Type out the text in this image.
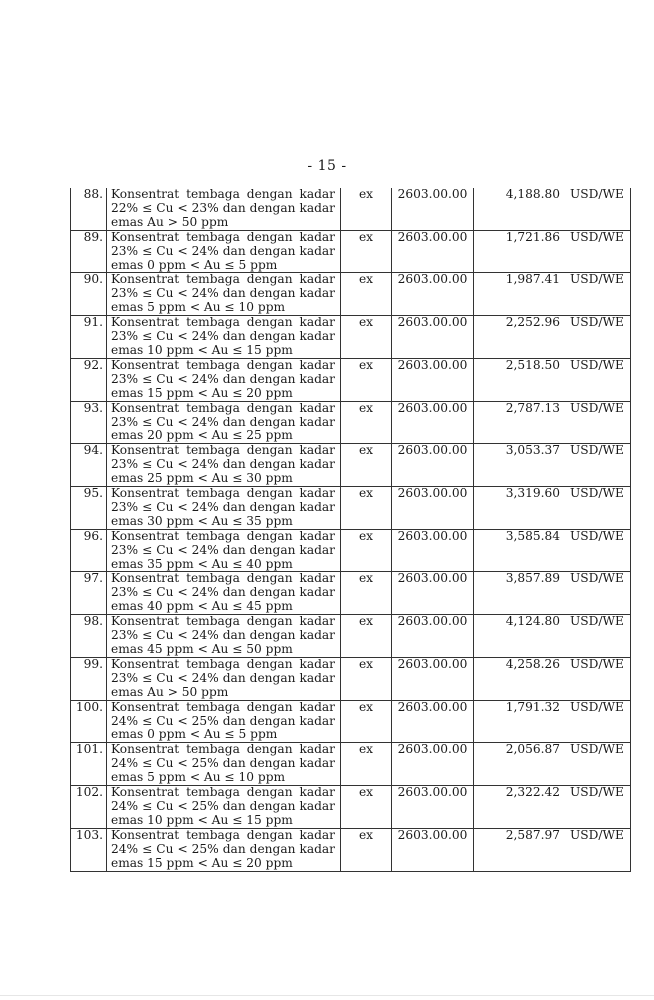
- 15 -
88.	Konsentrat tembaga dengan kadar
22% ≤ Cu < 23% dan dengan kadar
emas Au > 50 ppm	ex	2603.00.00	4,188.80 USD/WE

89.	Konsentrat tembaga dengan kadar
23% ≤ Cu < 24% dan dengan kadar
emas 0 ppm < Au ≤ 5 ppm	ex	2603.00.00	1,721.86 USD/WE

90.	Konsentrat tembaga dengan kadar
23% ≤ Cu < 24% dan dengan kadar
emas 5 ppm < Au ≤ 10 ppm	ex	2603.00.00	1,987.41 USD/WE

91.	Konsentrat tembaga dengan kadar
23% ≤ Cu < 24% dan dengan kadar
emas 10 ppm < Au ≤ 15 ppm	ex	2603.00.00	2,252.96 USD/WE

92.	Konsentrat tembaga dengan kadar
23% ≤ Cu < 24% dan dengan kadar
emas 15 ppm < Au ≤ 20 ppm	ex	2603.00.00	2,518.50 USD/WE

93.	Konsentrat tembaga dengan kadar
23% ≤ Cu < 24% dan dengan kadar
emas 20 ppm < Au ≤ 25 ppm	ex	2603.00.00	2,787.13 USD/WE

94.	Konsentrat tembaga dengan kadar
23% ≤ Cu < 24% dan dengan kadar
emas 25 ppm < Au ≤ 30 ppm	ex	2603.00.00	3,053.37 USD/WE

95.	Konsentrat tembaga dengan kadar
23% ≤ Cu < 24% dan dengan kadar
emas 30 ppm < Au ≤ 35 ppm	ex	2603.00.00	3,319.60 USD/WE

96.	Konsentrat tembaga dengan kadar
23% ≤ Cu < 24% dan dengan kadar
emas 35 ppm < Au ≤ 40 ppm	ex	2603.00.00	3,585.84 USD/WE

97.	Konsentrat tembaga dengan kadar
23% ≤ Cu < 24% dan dengan kadar
emas 40 ppm < Au ≤ 45 ppm	ex	2603.00.00	3,857.89 USD/WE

98.	Konsentrat tembaga dengan kadar
23% ≤ Cu < 24% dan dengan kadar
emas 45 ppm < Au ≤ 50 ppm	ex	2603.00.00	4,124.80 USD/WE

99.	Konsentrat tembaga dengan kadar
23% ≤ Cu < 24% dan dengan kadar
emas Au > 50 ppm	ex	2603.00.00	4,258.26 USD/WE

100.	Konsentrat tembaga dengan kadar
24% ≤ Cu < 25% dan dengan kadar
emas 0 ppm < Au ≤ 5 ppm	ex	2603.00.00	1,791.32 USD/WE

101.	Konsentrat tembaga dengan kadar
24% ≤ Cu < 25% dan dengan kadar
emas 5 ppm < Au ≤ 10 ppm	ex	2603.00.00	2,056.87 USD/WE

102.	Konsentrat tembaga dengan kadar
24% ≤ Cu < 25% dan dengan kadar
emas 10 ppm < Au ≤ 15 ppm	ex	2603.00.00	2,322.42 USD/WE

103.	Konsentrat tembaga dengan kadar
24% ≤ Cu < 25% dan dengan kadar
emas 15 ppm < Au ≤ 20 ppm	ex	2603.00.00	2,587.97 USD/WE
